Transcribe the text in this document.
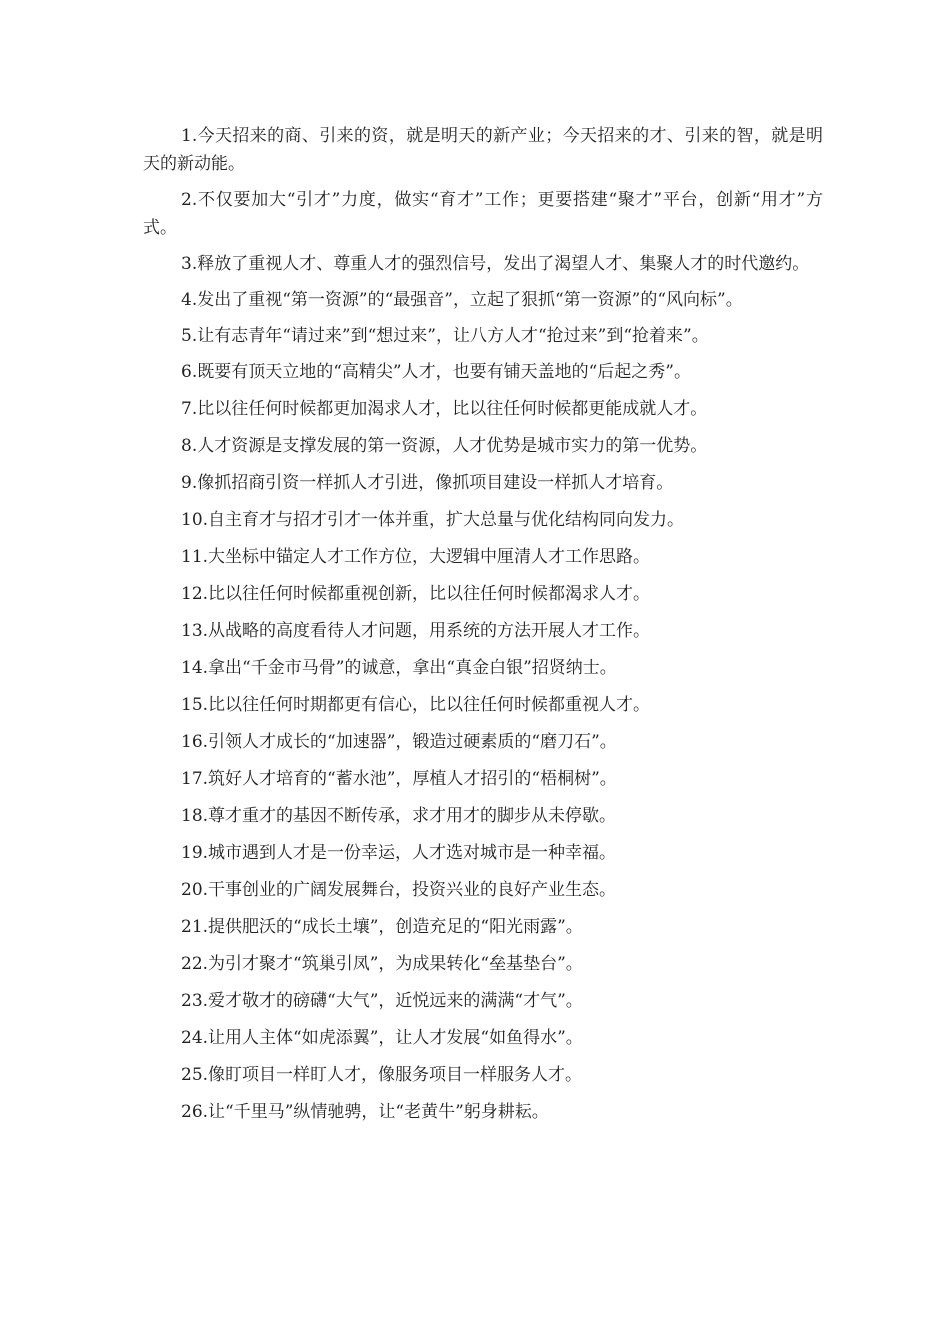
1.今天招来的商、引来的资，就是明天的新产业；今天招来的才、引来的智，就是明天的新动能。

2.不仅要加大“引才”力度，做实“育才”工作；更要搭建“聚才”平台，创新“用才”方式。

3.释放了重视人才、尊重人才的强烈信号，发出了渴望人才、集聚人才的时代邀约。

4.发出了重视“第一资源”的“最强音”，立起了狠抓“第一资源”的“风向标”。

5.让有志青年“请过来”到“想过来”，让八方人才“抢过来”到“抢着来”。

6.既要有顶天立地的“高精尖”人才，也要有铺天盖地的“后起之秀”。

7.比以往任何时候都更加渴求人才，比以往任何时候都更能成就人才。

8.人才资源是支撑发展的第一资源，人才优势是城市实力的第一优势。

9.像抓招商引资一样抓人才引进，像抓项目建设一样抓人才培育。

10.自主育才与招才引才一体并重，扩大总量与优化结构同向发力。

11.大坐标中锚定人才工作方位，大逻辑中厘清人才工作思路。

12.比以往任何时候都重视创新，比以往任何时候都渴求人才。

13.从战略的高度看待人才问题，用系统的方法开展人才工作。

14.拿出“千金市马骨”的诚意，拿出“真金白银”招贤纳士。

15.比以往任何时期都更有信心，比以往任何时候都重视人才。

16.引领人才成长的“加速器”，锻造过硬素质的“磨刀石”。

17.筑好人才培育的“蓄水池”，厚植人才招引的“梧桐树”。

18.尊才重才的基因不断传承，求才用才的脚步从未停歇。

19.城市遇到人才是一份幸运，人才选对城市是一种幸福。

20.干事创业的广阔发展舞台，投资兴业的良好产业生态。

21.提供肥沃的“成长土壤”，创造充足的“阳光雨露”。

22.为引才聚才“筑巢引凤”，为成果转化“垒基垫台”。

23.爱才敬才的磅礴“大气”，近悦远来的满满“才气”。

24.让用人主体“如虎添翼”，让人才发展“如鱼得水”。

25.像盯项目一样盯人才，像服务项目一样服务人才。

26.让“千里马”纵情驰骋，让“老黄牛”躬身耕耘。
